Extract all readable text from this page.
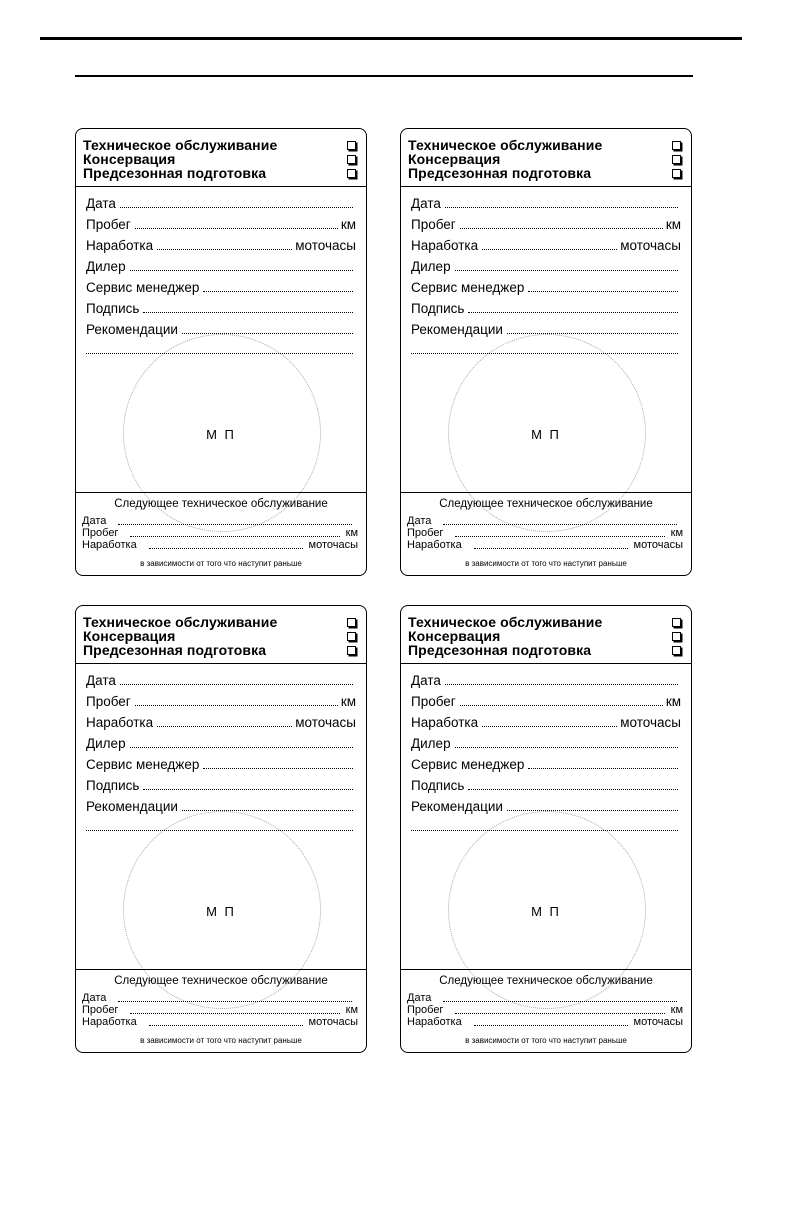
Техническое обслуживание
Консервация
Предсезонная подготовка
М П
Дата
Пробег	км
Наработка	моточасы
Дилер
Сервис менеджер
Подпись
Рекомендации
Следующее техническое обслуживание
Дата
Пробег	км
Наработка	моточасы
в зависимости от того что наступит раньше
Техническое обслуживание
Консервация
Предсезонная подготовка
М П
Дата
Пробег	км
Наработка	моточасы
Дилер
Сервис менеджер
Подпись
Рекомендации
Следующее техническое обслуживание
Дата
Пробег	км
Наработка	моточасы
в зависимости от того что наступит раньше
Техническое обслуживание
Консервация
Предсезонная подготовка
М П
Дата
Пробег	км
Наработка	моточасы
Дилер
Сервис менеджер
Подпись
Рекомендации
Следующее техническое обслуживание
Дата
Пробег	км
Наработка	моточасы
в зависимости от того что наступит раньше
Техническое обслуживание
Консервация
Предсезонная подготовка
М П
Дата
Пробег	км
Наработка	моточасы
Дилер
Сервис менеджер
Подпись
Рекомендации
Следующее техническое обслуживание
Дата
Пробег	км
Наработка	моточасы
в зависимости от того что наступит раньше
